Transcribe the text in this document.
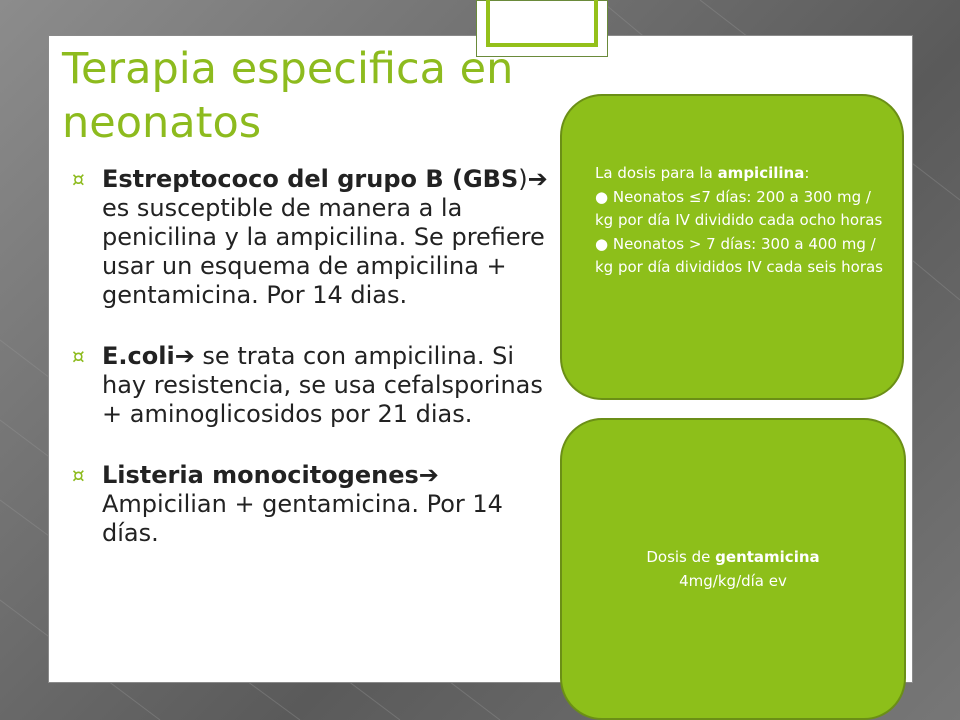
Terapia especifica en neonatos
¤ Estreptococo del grupo B (GBS)➔ es susceptible de manera a la penicilina y la ampicilina. Se prefiere usar un esquema de ampicilina + gentamicina. Por 14 dias.
¤ E.coli➔ se trata con ampicilina. Si hay resistencia, se usa cefalsporinas + aminoglicosidos por 21 dias.
¤ Listeria monocitogenes➔ Ampicilian + gentamicina. Por 14 días.
La dosis para la ampicilina:
● Neonatos ≤7 días: 200 a 300 mg / kg por día IV dividido cada ocho horas
● Neonatos > 7 días: 300 a 400 mg / kg por día divididos IV cada seis horas
Dosis de gentamicina
4mg/kg/día ev
